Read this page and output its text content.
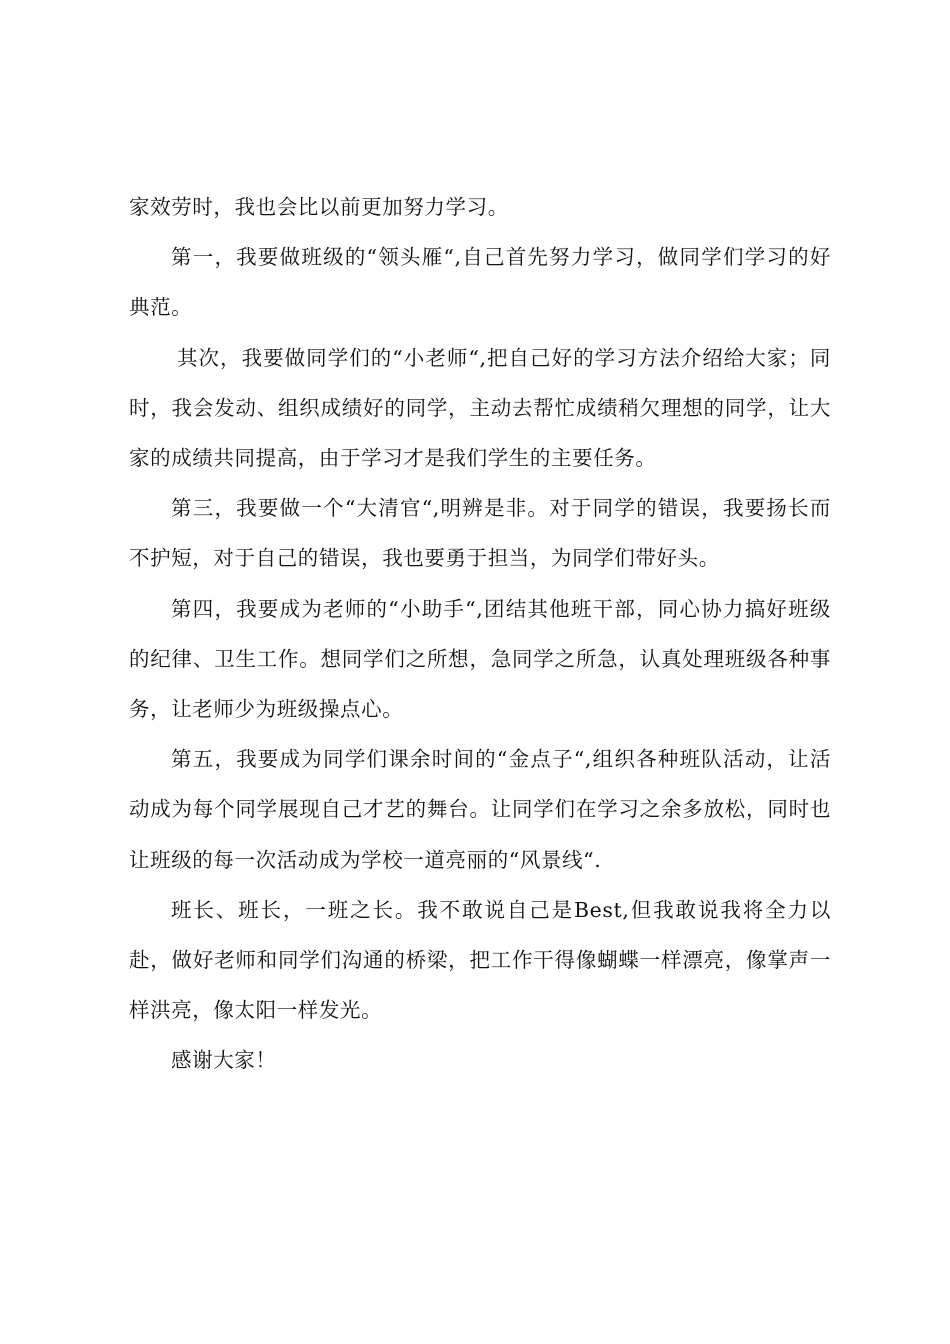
家效劳时，我也会比以前更加努力学习。

第一，我要做班级的“领头雁“,自己首先努力学习，做同学们学习的好典范。

其次，我要做同学们的“小老师“,把自己好的学习方法介绍给大家；同时，我会发动、组织成绩好的同学，主动去帮忙成绩稍欠理想的同学，让大家的成绩共同提高，由于学习才是我们学生的主要任务。

第三，我要做一个“大清官“,明辨是非。对于同学的错误，我要扬长而不护短，对于自己的错误，我也要勇于担当，为同学们带好头。

第四，我要成为老师的“小助手“,团结其他班干部，同心协力搞好班级的纪律、卫生工作。想同学们之所想，急同学之所急，认真处理班级各种事务，让老师少为班级操点心。

第五，我要成为同学们课余时间的“金点子“,组织各种班队活动，让活动成为每个同学展现自己才艺的舞台。让同学们在学习之余多放松，同时也让班级的每一次活动成为学校一道亮丽的“风景线“.

班长、班长，一班之长。我不敢说自己是Best,但我敢说我将全力以赴，做好老师和同学们沟通的桥梁，把工作干得像蝴蝶一样漂亮，像掌声一样洪亮，像太阳一样发光。

感谢大家！
